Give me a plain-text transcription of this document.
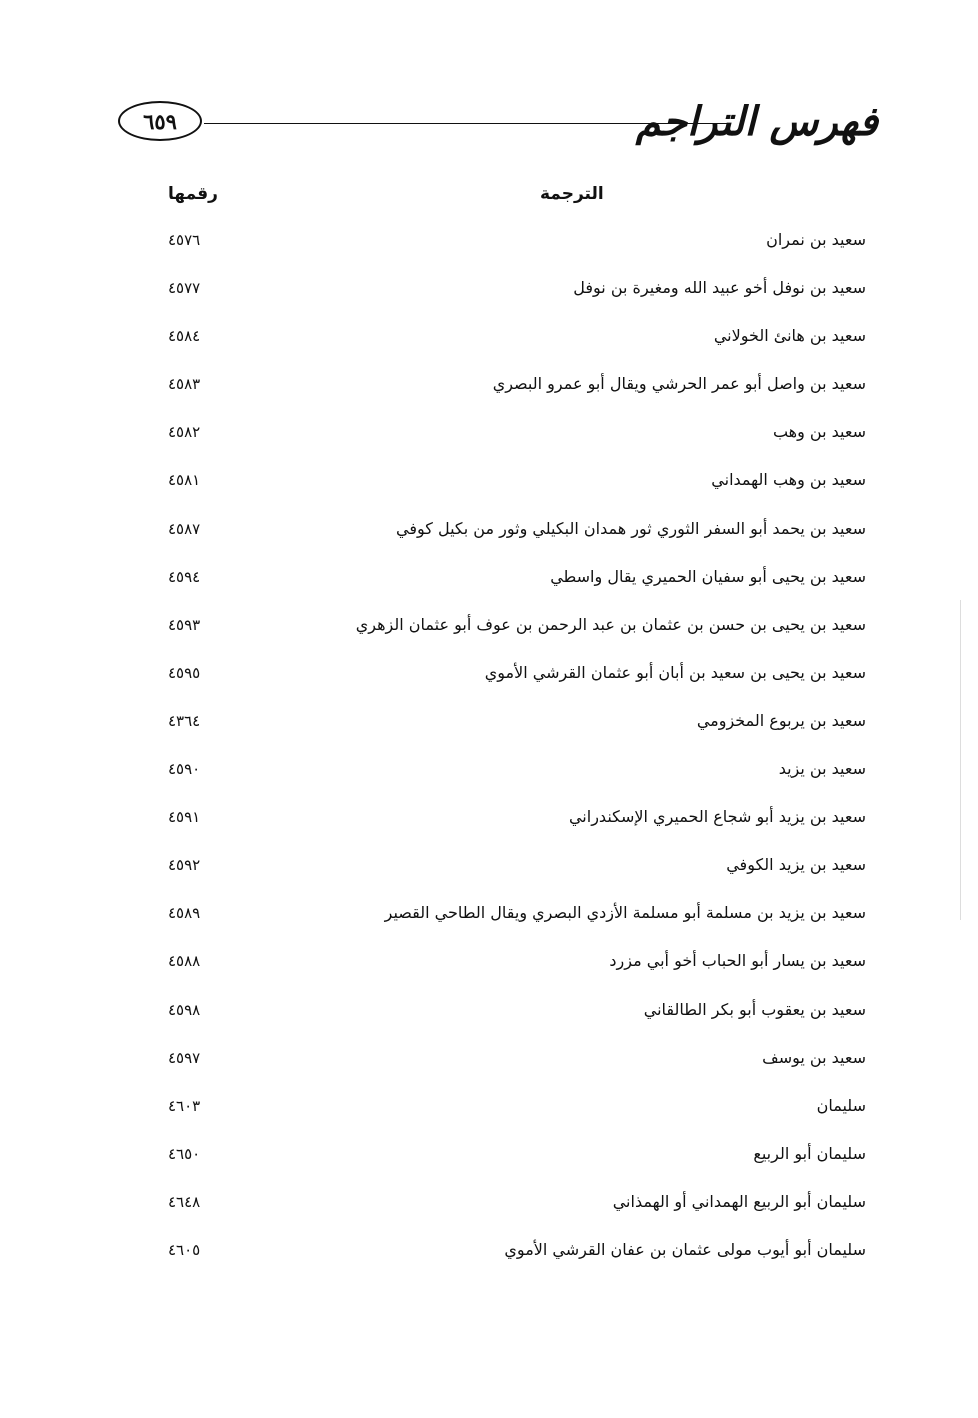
فهرس التراجم
٦٥٩
الترجمة
رقمها
سعيد بن نمران
٤٥٧٦
سعيد بن نوفل أخو عبيد الله ومغيرة بن نوفل
٤٥٧٧
سعيد بن هانئ الخولاني
٤٥٨٤
سعيد بن واصل أبو عمر الحرشي ويقال أبو عمرو البصري
٤٥٨٣
سعيد بن وهب
٤٥٨٢
سعيد بن وهب الهمداني
٤٥٨١
سعيد بن يحمد أبو السفر الثوري ثور همدان البكيلي وثور من بكيل كوفي
٤٥٨٧
سعيد بن يحيى أبو سفيان الحميري يقال واسطي
٤٥٩٤
سعيد بن يحيى بن حسن بن عثمان بن عبد الرحمن بن عوف أبو عثمان الزهري
٤٥٩٣
سعيد بن يحيى بن سعيد بن أبان أبو عثمان القرشي الأموي
٤٥٩٥
سعيد بن يربوع المخزومي
٤٣٦٤
سعيد بن يزيد
٤٥٩٠
سعيد بن يزيد أبو شجاع الحميري الإسكندراني
٤٥٩١
سعيد بن يزيد الكوفي
٤٥٩٢
سعيد بن يزيد بن مسلمة أبو مسلمة الأزدي البصري ويقال الطاحي القصير
٤٥٨٩
سعيد بن يسار أبو الحباب أخو أبي مزرد
٤٥٨٨
سعيد بن يعقوب أبو بكر الطالقاني
٤٥٩٨
سعيد بن يوسف
٤٥٩٧
سليمان
٤٦٠٣
سليمان أبو الربيع
٤٦٥٠
سليمان أبو الربيع الهمداني أو الهمذاني
٤٦٤٨
سليمان أبو أيوب مولى عثمان بن عفان القرشي الأموي
٤٦٠٥
